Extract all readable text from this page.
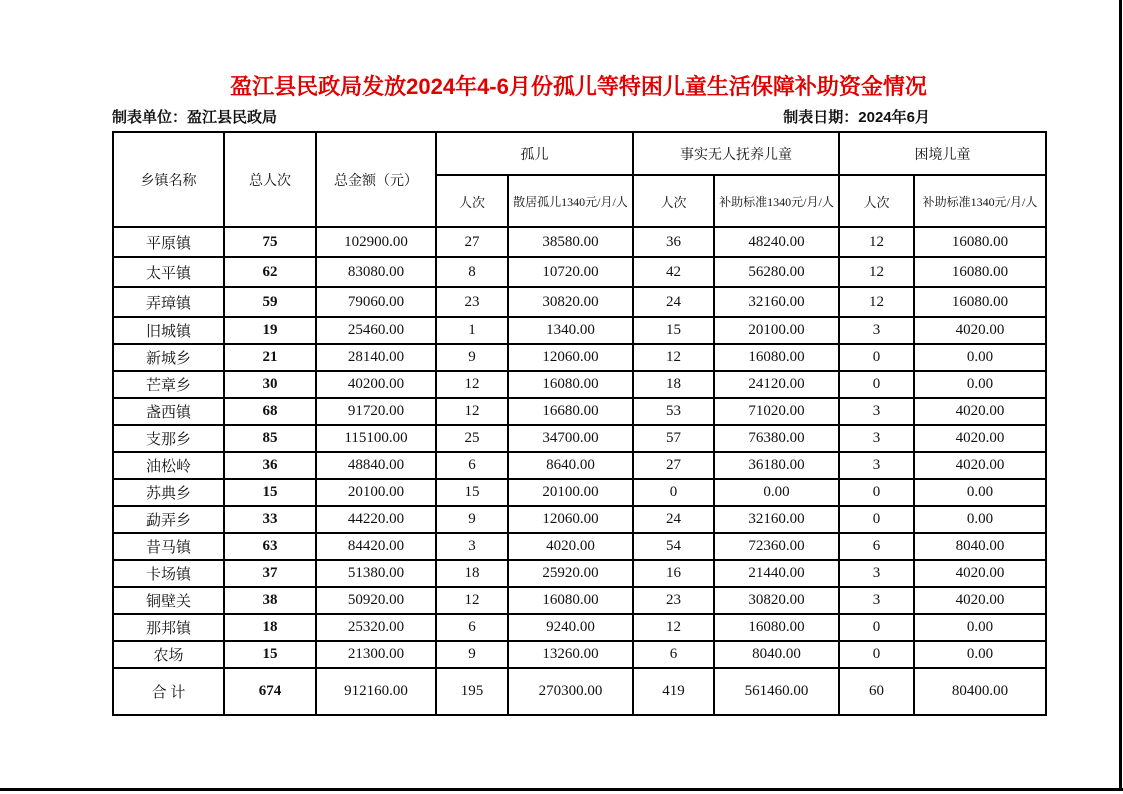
盈江县民政局发放2024年4-6月份孤儿等特困儿童生活保障补助资金情况
制表单位：盈江县民政局	制表日期：2024年6月
乡镇名称	总人次	总金额（元）	孤儿		事实无人抚养儿童		困境儿童	
			人次	散居孤儿1340元/月/人	人次	补助标准1340元/月/人	人次	补助标准1340元/月/人
平原镇	75	102900.00	27	38580.00	36	48240.00	12	16080.00
太平镇	62	83080.00	8	10720.00	42	56280.00	12	16080.00
弄璋镇	59	79060.00	23	30820.00	24	32160.00	12	16080.00
旧城镇	19	25460.00	1	1340.00	15	20100.00	3	4020.00
新城乡	21	28140.00	9	12060.00	12	16080.00	0	0.00
芒章乡	30	40200.00	12	16080.00	18	24120.00	0	0.00
盏西镇	68	91720.00	12	16680.00	53	71020.00	3	4020.00
支那乡	85	115100.00	25	34700.00	57	76380.00	3	4020.00
油松岭	36	48840.00	6	8640.00	27	36180.00	3	4020.00
苏典乡	15	20100.00	15	20100.00	0	0.00	0	0.00
勐弄乡	33	44220.00	9	12060.00	24	32160.00	0	0.00
昔马镇	63	84420.00	3	4020.00	54	72360.00	6	8040.00
卡场镇	37	51380.00	18	25920.00	16	21440.00	3	4020.00
铜壁关	38	50920.00	12	16080.00	23	30820.00	3	4020.00
那邦镇	18	25320.00	6	9240.00	12	16080.00	0	0.00
农场	15	21300.00	9	13260.00	6	8040.00	0	0.00
合 计	674	912160.00	195	270300.00	419	561460.00	60	80400.00
